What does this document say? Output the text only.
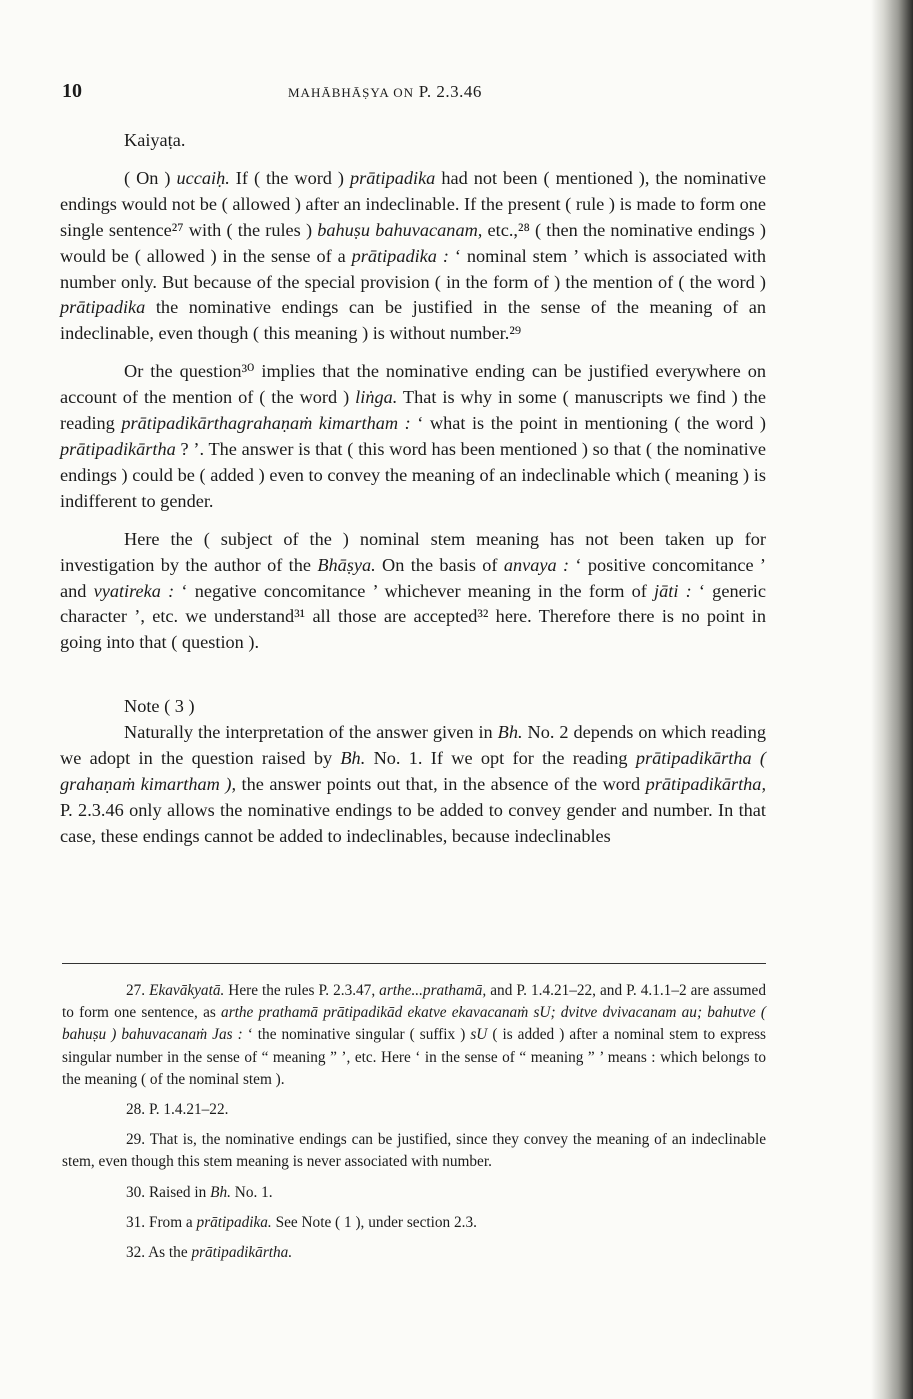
10	MAHĀBHĀṢYA ON P. 2.3.46

Kaiyaṭa.

( On ) uccaiḥ. If ( the word ) prātipadika had not been ( mentioned ), the nominative endings would not be ( allowed ) after an indeclinable. If the present ( rule ) is made to form one single sentence²⁷ with ( the rules ) bahuṣu bahuvacanam, etc.,²⁸ ( then the nominative endings ) would be ( allowed ) in the sense of a prātipadika : ‘ nominal stem ’ which is associated with number only. But because of the special provision ( in the form of ) the mention of ( the word ) prātipadika the nominative endings can be justified in the sense of the meaning of an indeclinable, even though ( this meaning ) is without number.²⁹

Or the question³⁰ implies that the nominative ending can be justified everywhere on account of the mention of ( the word ) liṅga. That is why in some ( manuscripts we find ) the reading prātipadikārthagrahaṇaṁ kimartham : ‘ what is the point in mentioning ( the word ) prātipadikārtha ? ’. The answer is that ( this word has been mentioned ) so that ( the nominative endings ) could be ( added ) even to convey the meaning of an indeclinable which ( meaning ) is indifferent to gender.

Here the ( subject of the ) nominal stem meaning has not been taken up for investigation by the author of the Bhāṣya. On the basis of anvaya : ‘ positive concomitance ’ and vyatireka : ‘ negative concomitance ’ whichever meaning in the form of jāti : ‘ generic character ’, etc. we understand³¹ all those are accepted³² here. Therefore there is no point in going into that ( question ).

Note ( 3 )

Naturally the interpretation of the answer given in Bh. No. 2 depends on which reading we adopt in the question raised by Bh. No. 1. If we opt for the reading prātipadikārtha ( grahaṇaṁ kimartham ), the answer points out that, in the absence of the word prātipadikārtha, P. 2.3.46 only allows the nominative endings to be added to convey gender and number. In that case, these endings cannot be added to indeclinables, because indeclinables

27. Ekavākyatā. Here the rules P. 2.3.47, arthe...prathamā, and P. 1.4.21–22, and P. 4.1.1–2 are assumed to form one sentence, as arthe prathamā prātipadikād ekatve ekavacanaṁ sU; dvitve dvivacanam au; bahutve ( bahuṣu ) bahuvacanaṁ Jas : ‘ the nominative singular ( suffix ) sU ( is added ) after a nominal stem to express singular number in the sense of “ meaning ” ’, etc. Here ‘ in the sense of “ meaning ” ’ means : which belongs to the meaning ( of the nominal stem ).

28. P. 1.4.21–22.

29. That is, the nominative endings can be justified, since they convey the meaning of an indeclinable stem, even though this stem meaning is never associated with number.

30. Raised in Bh. No. 1.

31. From a prātipadika. See Note ( 1 ), under section 2.3.

32. As the prātipadikārtha.
